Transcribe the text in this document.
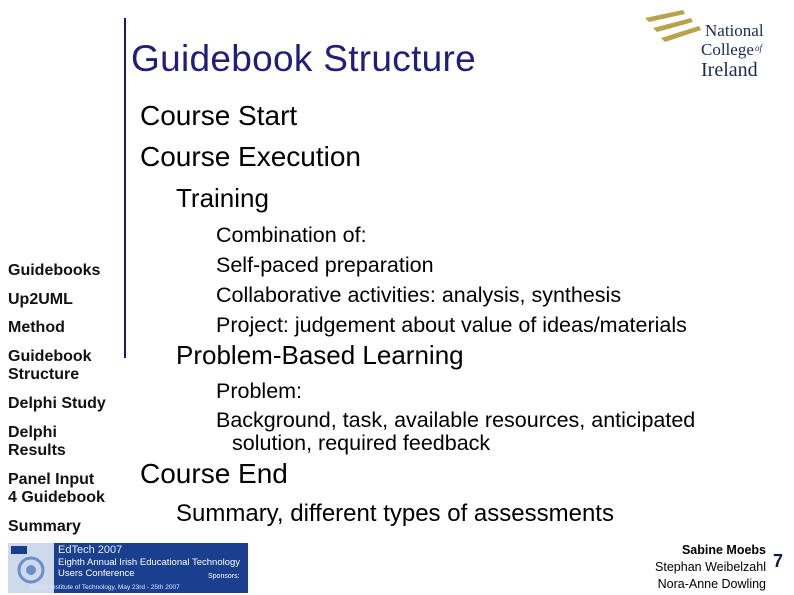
Guidebook Structure
National
College of
Ireland
Course Start
Course Execution
Training
Combination of:
Self-paced preparation
Collaborative activities: analysis, synthesis
Project: judgement about value of ideas/materials
Problem-Based Learning
Problem:
Background, task, available resources, anticipated
solution, required feedback
Course End
Summary, different types of assessments
Guidebooks
Up2UML
Method
Guidebook
Structure
Delphi Study
Delphi
Results
Panel Input
4 Guidebook
Summary
EdTech 2007
Eighth Annual Irish Educational Technology
Users Conference	Sponsors:
Dublin Institute of Technology, May 23rd - 25th 2007
Sabine Moebs
Stephan Weibelzahl
Nora-Anne Dowling
7
